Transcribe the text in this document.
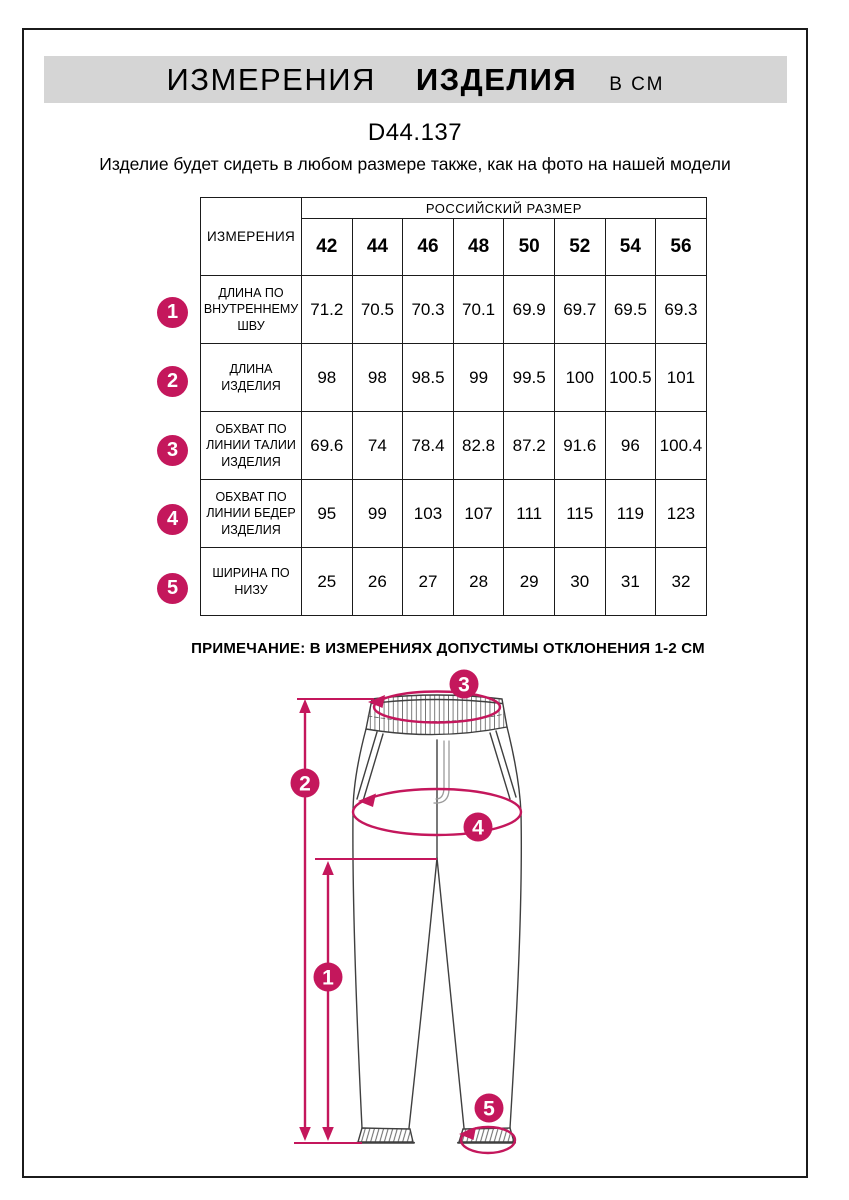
ИЗМЕРЕНИЯ ИЗДЕЛИЯ В СМ
D44.137
Изделие будет сидеть в любом размере также, как на фото на нашей модели
ИЗМЕРЕНИЯ	РОССИЙСКИЙ РАЗМЕР							
	42	44	46	48	50	52	54	56
ДЛИНА ПО ВНУТРЕННЕМУ ШВУ	71.2	70.5	70.3	70.1	69.9	69.7	69.5	69.3
ДЛИНА ИЗДЕЛИЯ	98	98	98.5	99	99.5	100	100.5	101
ОБХВАТ ПО ЛИНИИ ТАЛИИ ИЗДЕЛИЯ	69.6	74	78.4	82.8	87.2	91.6	96	100.4
ОБХВАТ ПО ЛИНИИ БЕДЕР ИЗДЕЛИЯ	95	99	103	107	111	115	119	123
ШИРИНА ПО НИЗУ	25	26	27	28	29	30	31	32
1
2
3
4
5
ПРИМЕЧАНИЕ: В ИЗМЕРЕНИЯХ ДОПУСТИМЫ ОТКЛОНЕНИЯ 1-2 СМ
3
2
4
1
5
